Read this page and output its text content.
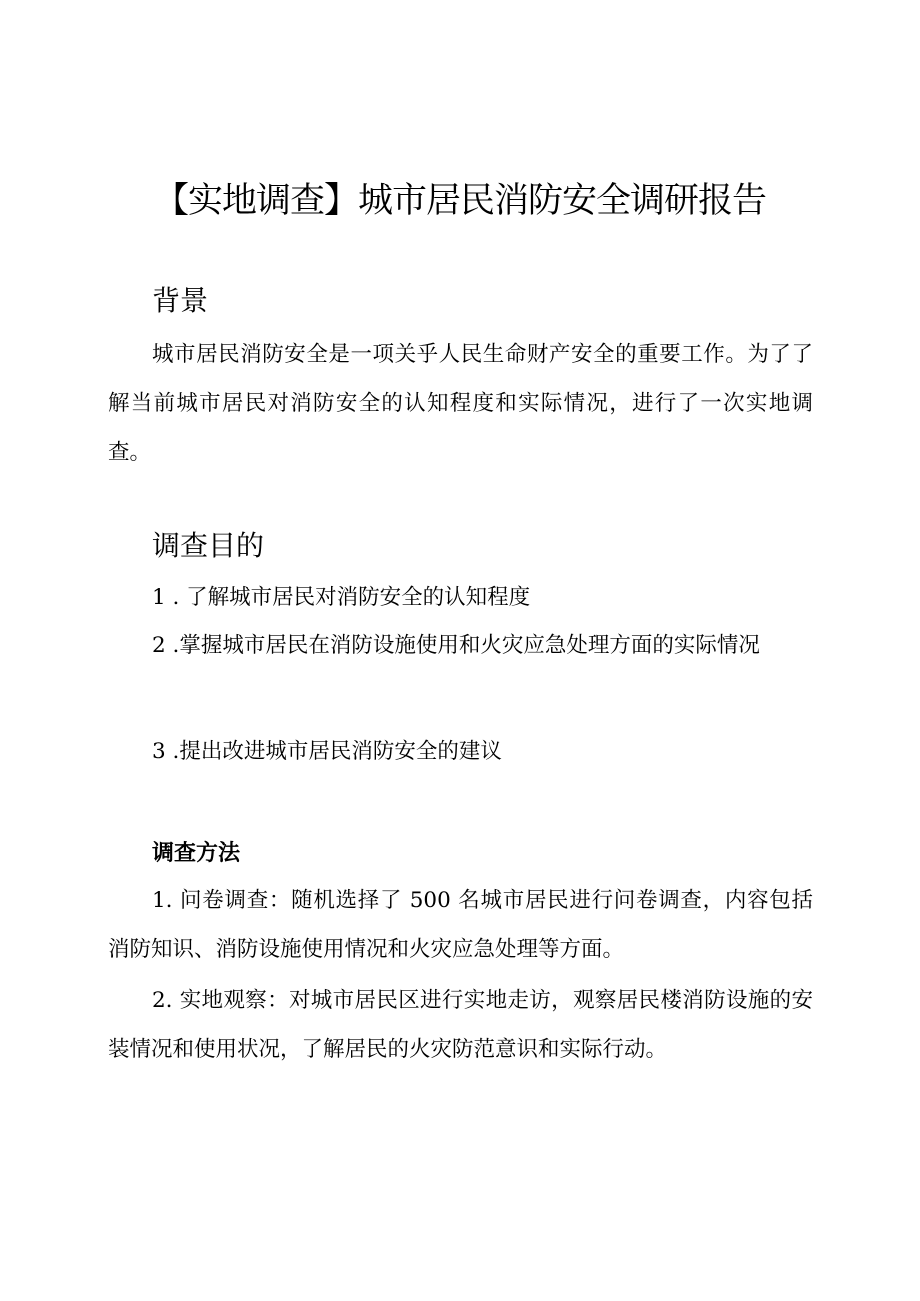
【实地调查】城市居民消防安全调研报告
背景

城市居民消防安全是一项关乎人民生命财产安全的重要工作。为了了解当前城市居民对消防安全的认知程度和实际情况，进行了一次实地调查。

调查目的

1 . 了解城市居民对消防安全的认知程度

2 .掌握城市居民在消防设施使用和火灾应急处理方面的实际情况

3 .提出改进城市居民消防安全的建议

调查方法

1. 问卷调查：随机选择了 500 名城市居民进行问卷调查，内容包括消防知识、消防设施使用情况和火灾应急处理等方面。

2. 实地观察：对城市居民区进行实地走访，观察居民楼消防设施的安装情况和使用状况，了解居民的火灾防范意识和实际行动。
